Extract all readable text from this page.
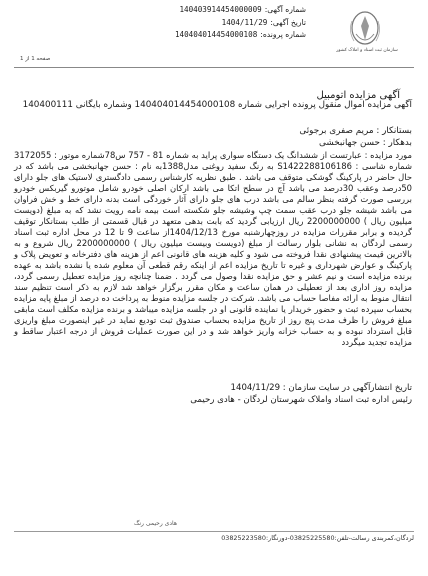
شماره آگهی:
140403914454000009
تاریخ آگهی:
1404/11/29
شماره پرونده:
140404014454000108
سازمان ثبت اسناد و املاک کشور
صفحه 1 از 1
آگهی مزایده اتومبیل
آگهی مزایده اموال منقول پرونده اجرایی شماره 140404014454000108 وشماره بایگانی 140400111
بستانکار : مریم صفری برجوئی
بدهکار : حسن جهانبخشی
مورد مزایده : عبارتست از ششدانگ یک دستگاه سواری پراید به شماره 81 - 757 س78شماره موتور : 3172055 شماره شاسی : S1422288106186 به رنگ سفید روغنی مدل1388به نام : حسن جهانبخشی می باشد که در حال حاضر در پارکینگ گوشکی متوقف می باشد . طبق نظریه کارشناس رسمی دادگستری لاستیک های جلو دارای 50درصد وعقب 30درصد می باشد آچ در سطح اتکا می باشد ارکان اصلی خودرو شامل موتورو گیربکس خودرو بررسی صورت گرفته بنظر سالم می باشد درب های جلو دارای آثار خوردگی است بدنه دارای خط و خش فراوان می باشد شیشه جلو درب عقب سمت چپ وشیشه جلو شکسته است بیمه نامه رویت نشد که به مبلغ (دویست میلیون ریال ) 2200000000 ریال ارزیابی گردید که بابت بدهی متعهد در قبال قسمتی از طلب بستانکار توقیف گردیده و برابر مقررات مزایده در روزچهارشنبه مورخ 1404/12/13از ساعت 9 تا 12 در محل اداره ثبت اسناد رسمی لردگان به نشانی بلوار رسالت از مبلغ (دویست وبیست میلیون ریال ) 2200000000 ریال شروع و به بالاترین قیمت پیشنهادی نقدا فروخته می شود و کلیه هزینه های قانونی اعم از هزینه های دفترخانه و تعویض پلاک و پارکینگ و عوارض شهرداری و غیره تا تاریخ مزایده اعم از اینکه رقم قطعی آن معلوم شده یا نشده باشد به عهده برنده مزایده است و نیم عشر و حق مزایده نقدا وصول می گردد . ضمنا چنانچه روز مزایده تعطیل رسمی گردد، مزایده روز اداری بعد از تعطیلی در همان ساعت و مکان مقرر برگزار خواهد شد لازم به ذکر است تنظیم سند انتقال منوط به ارائه مفاصا حساب می باشد. شرکت در جلسه مزایده منوط به پرداخت ده درصد از مبلغ پایه مزایده بحساب سپرده ثبت و حضور خریدار یا نماینده قانونی او در جلسه مزایده میباشد و برنده مزایده مکلف است مابقی مبلغ فروش را ظرف مدت پنج روز از تاریخ مزایده بحساب صندوق ثبت تودیع نماید در غیر اینصورت مبلغ واریزی قابل استرداد نبوده و به حساب خزانه واریز خواهد شد و در این صورت عملیات فروش از درجه اعتبار ساقط و مزایده تجدید میگردد
تاریخ انتشارآگهی در سایت سازمان : 1404/11/29
رئیس اداره ثبت اسناد واملاک شهرستان لردگان - هادی رحیمی
هادی رحیمی رنگ
لردگان،کمربندی رسالت-تلفن:03825225580-دورنگار:03825223580
